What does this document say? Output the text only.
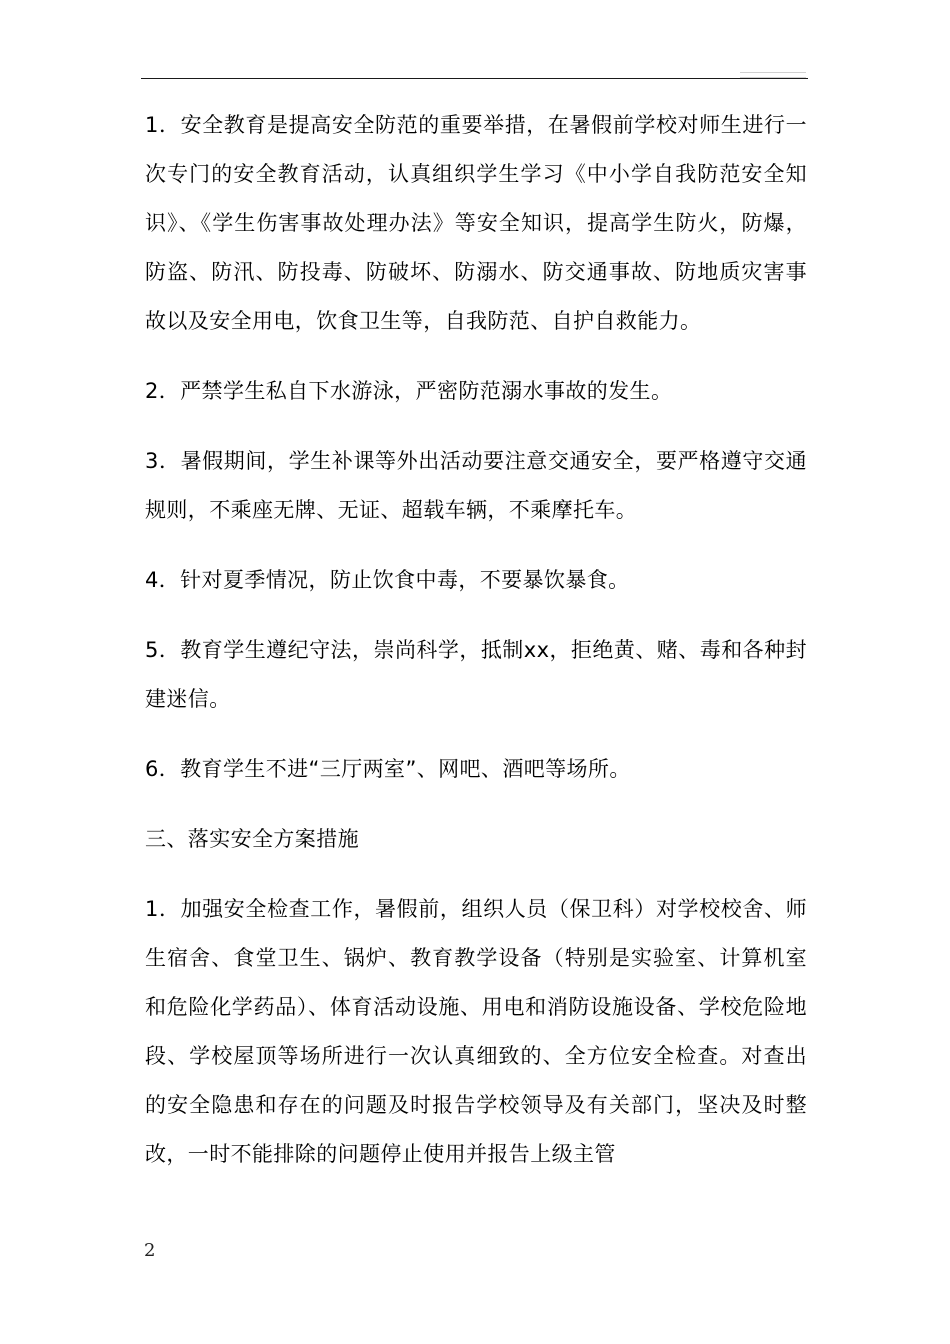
1．安全教育是提高安全防范的重要举措，在暑假前学校对师生进行一次专门的安全教育活动，认真组织学生学习《中小学自我防范安全知识》、《学生伤害事故处理办法》等安全知识，提高学生防火，防爆，防盗、防汛、防投毒、防破坏、防溺水、防交通事故、防地质灾害事故以及安全用电，饮食卫生等，自我防范、自护自救能力。

2．严禁学生私自下水游泳，严密防范溺水事故的发生。

3．暑假期间，学生补课等外出活动要注意交通安全，要严格遵守交通规则，不乘座无牌、无证、超载车辆，不乘摩托车。

4．针对夏季情况，防止饮食中毒，不要暴饮暴食。

5．教育学生遵纪守法，崇尚科学，抵制xx，拒绝黄、赌、毒和各种封建迷信。

6．教育学生不进“三厅两室”、网吧、酒吧等场所。

三、落实安全方案措施

1．加强安全检查工作，暑假前，组织人员（保卫科）对学校校舍、师生宿舍、食堂卫生、锅炉、教育教学设备（特别是实验室、计算机室和危险化学药品）、体育活动设施、用电和消防设施设备、学校危险地段、学校屋顶等场所进行一次认真细致的、全方位安全检查。对查出的安全隐患和存在的问题及时报告学校领导及有关部门，坚决及时整改，一时不能排除的问题停止使用并报告上级主管

2
